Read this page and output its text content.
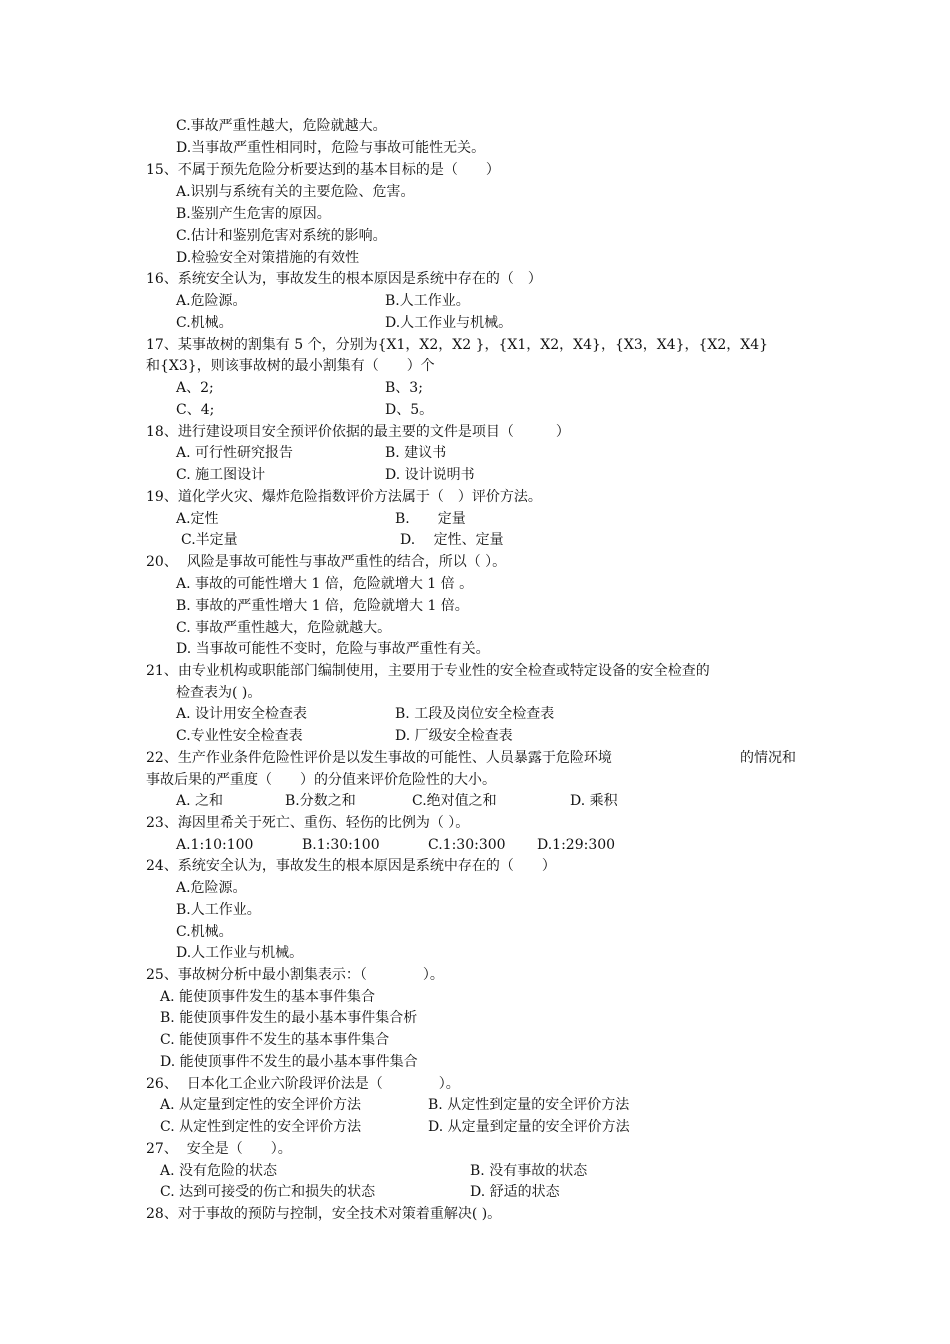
C.事故严重性越大，危险就越大。
D.当事故严重性相同时，危险与事故可能性无关。
15、不属于预先危险分析要达到的基本目标的是（　　）
A.识别与系统有关的主要危险、危害。
B.鉴别产生危害的原因。
C.估计和鉴别危害对系统的影响。
D.检验安全对策措施的有效性
16、系统安全认为，事故发生的根本原因是系统中存在的（　）
A.危险源。	B.人工作业。
C.机械。	D.人工作业与机械。
17、某事故树的割集有 5 个，分别为{X1，X2，X2 }，{X1，X2，X4}，{X3，X4}，{X2，X4}
和{X3}，则该事故树的最小割集有（　　）个
A、2;	B、3;
C、4;	D、5。
18、进行建设项目安全预评价依据的最主要的文件是项目（　　　）
A. 可行性研究报告	B. 建议书
C. 施工图设计	D. 设计说明书
19、道化学火灾、爆炸危险指数评价方法属于（　）评价方法。
A.定性	B.　　定量
C.半定量	D.　 定性、定量
20、  风险是事故可能性与事故严重性的结合，所以（ ）。
A. 事故的可能性增大 1 倍，危险就增大 1 倍 。
B. 事故的严重性增大 1 倍，危险就增大 1 倍。
C. 事故严重性越大，危险就越大。
D. 当事故可能性不变时，危险与事故严重性有关。
21、由专业机构或职能部门编制使用，主要用于专业性的安全检查或特定设备的安全检查的
检查表为( )。
A. 设计用安全检查表	B. 工段及岗位安全检查表
C.专业性安全检查表	D. 厂级安全检查表
22、生产作业条件危险性评价是以发生事故的可能性、人员暴露于危险环境	的情况和
事故后果的严重度（　　）的分值来评价危险性的大小。
A. 之和	B.分数之和	C.绝对值之和	D. 乘积
23、海因里希关于死亡、重伤、轻伤的比例为（ ）。
A.1:10:100	B.1:30:100	C.1:30:300 D.1:29:300
24、系统安全认为，事故发生的根本原因是系统中存在的（　　）
A.危险源。
B.人工作业。
C.机械。
D.人工作业与机械。
25、事故树分析中最小割集表示：（　　　　）。
A. 能使顶事件发生的基本事件集合
B. 能使顶事件发生的最小基本事件集合析
C. 能使顶事件不发生的基本事件集合
D. 能使顶事件不发生的最小基本事件集合
26、  日本化工企业六阶段评价法是（　　　　）。
A. 从定量到定性的安全评价方法	B. 从定性到定量的安全评价方法
C. 从定性到定性的安全评价方法	D. 从定量到定量的安全评价方法
27、  安全是（　　）。
A. 没有危险的状态	B. 没有事故的状态
C. 达到可接受的伤亡和损失的状态	D. 舒适的状态
28、对于事故的预防与控制，安全技术对策着重解决( )。
